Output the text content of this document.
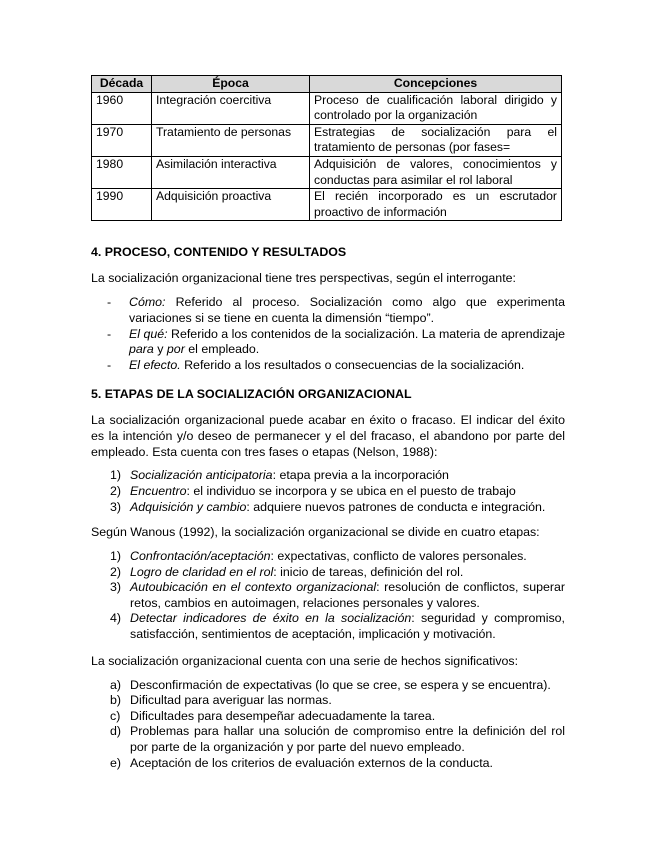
Década	Época	Concepciones
1960	Integración coercitiva	Proceso de cualificación laboral dirigido y controlado por la organización
1970	Tratamiento de personas	Estrategias de socialización para el tratamiento de personas (por fases=
1980	Asimilación interactiva	Adquisición de valores, conocimientos y conductas para asimilar el rol laboral
1990	Adquisición proactiva	El recién incorporado es un escrutador proactivo de información
4. PROCESO, CONTENIDO Y RESULTADOS

La socialización organizacional tiene tres perspectivas, según el interrogante:

- Cómo: Referido al proceso. Socialización como algo que experimenta variaciones si se tiene en cuenta la dimensión “tiempo”.
- El qué: Referido a los contenidos de la socialización. La materia de aprendizaje para y por el empleado.
- El efecto. Referido a los resultados o consecuencias de la socialización.
5. ETAPAS DE LA SOCIALIZACIÓN ORGANIZACIONAL

La socialización organizacional puede acabar en éxito o fracaso. El indicar del éxito es la intención y/o deseo de permanecer y el del fracaso, el abandono por parte del empleado. Esta cuenta con tres fases o etapas (Nelson, 1988):

1) Socialización anticipatoria: etapa previa a la incorporación
2) Encuentro: el individuo se incorpora y se ubica en el puesto de trabajo
3) Adquisición y cambio: adquiere nuevos patrones de conducta e integración.

Según Wanous (1992), la socialización organizacional se divide en cuatro etapas:

1) Confrontación/aceptación: expectativas, conflicto de valores personales.
2) Logro de claridad en el rol: inicio de tareas, definición del rol.
3) Autoubicación en el contexto organizacional: resolución de conflictos, superar retos, cambios en autoimagen, relaciones personales y valores.
4) Detectar indicadores de éxito en la socialización: seguridad y compromiso, satisfacción, sentimientos de aceptación, implicación y motivación.

La socialización organizacional cuenta con una serie de hechos significativos:

a) Desconfirmación de expectativas (lo que se cree, se espera y se encuentra).
b) Dificultad para averiguar las normas.
c) Dificultades para desempeñar adecuadamente la tarea.
d) Problemas para hallar una solución de compromiso entre la definición del rol por parte de la organización y por parte del nuevo empleado.
e) Aceptación de los criterios de evaluación externos de la conducta.
